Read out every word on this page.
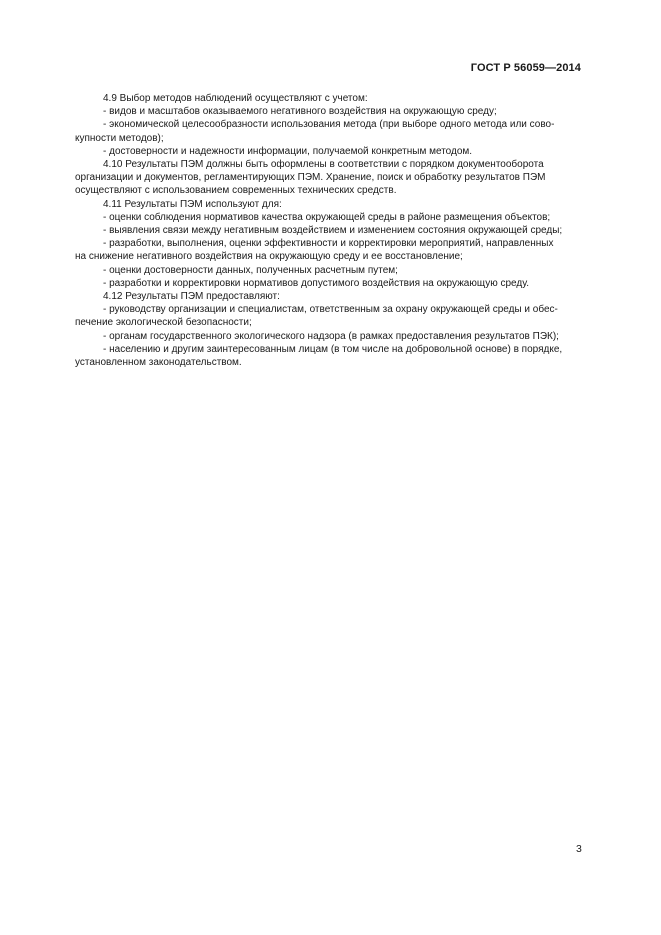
ГОСТ Р 56059—2014
4.9 Выбор методов наблюдений осуществляют с учетом:
- видов и масштабов оказываемого негативного воздействия на окружающую среду;
- экономической целесообразности использования метода (при выборе одного метода или сово-
купности методов);
- достоверности и надежности информации, получаемой конкретным методом.
4.10 Результаты ПЭМ должны быть оформлены в соответствии с порядком документооборота
организации и документов, регламентирующих ПЭМ. Хранение, поиск и обработку результатов ПЭМ
осуществляют с использованием современных технических средств.
4.11 Результаты ПЭМ используют для:
- оценки соблюдения нормативов качества окружающей среды в районе размещения объектов;
- выявления связи между негативным воздействием и изменением состояния окружающей среды;
- разработки, выполнения, оценки эффективности и корректировки мероприятий, направленных
на снижение негативного воздействия на окружающую среду и ее восстановление;
- оценки достоверности данных, полученных расчетным путем;
- разработки и корректировки нормативов допустимого воздействия на окружающую среду.
4.12 Результаты ПЭМ предоставляют:
- руководству организации и специалистам, ответственным за охрану окружающей среды и обес-
печение экологической безопасности;
- органам государственного экологического надзора (в рамках предоставления результатов ПЭК);
- населению и другим заинтересованным лицам (в том числе на добровольной основе) в порядке,
установленном законодательством.
3
